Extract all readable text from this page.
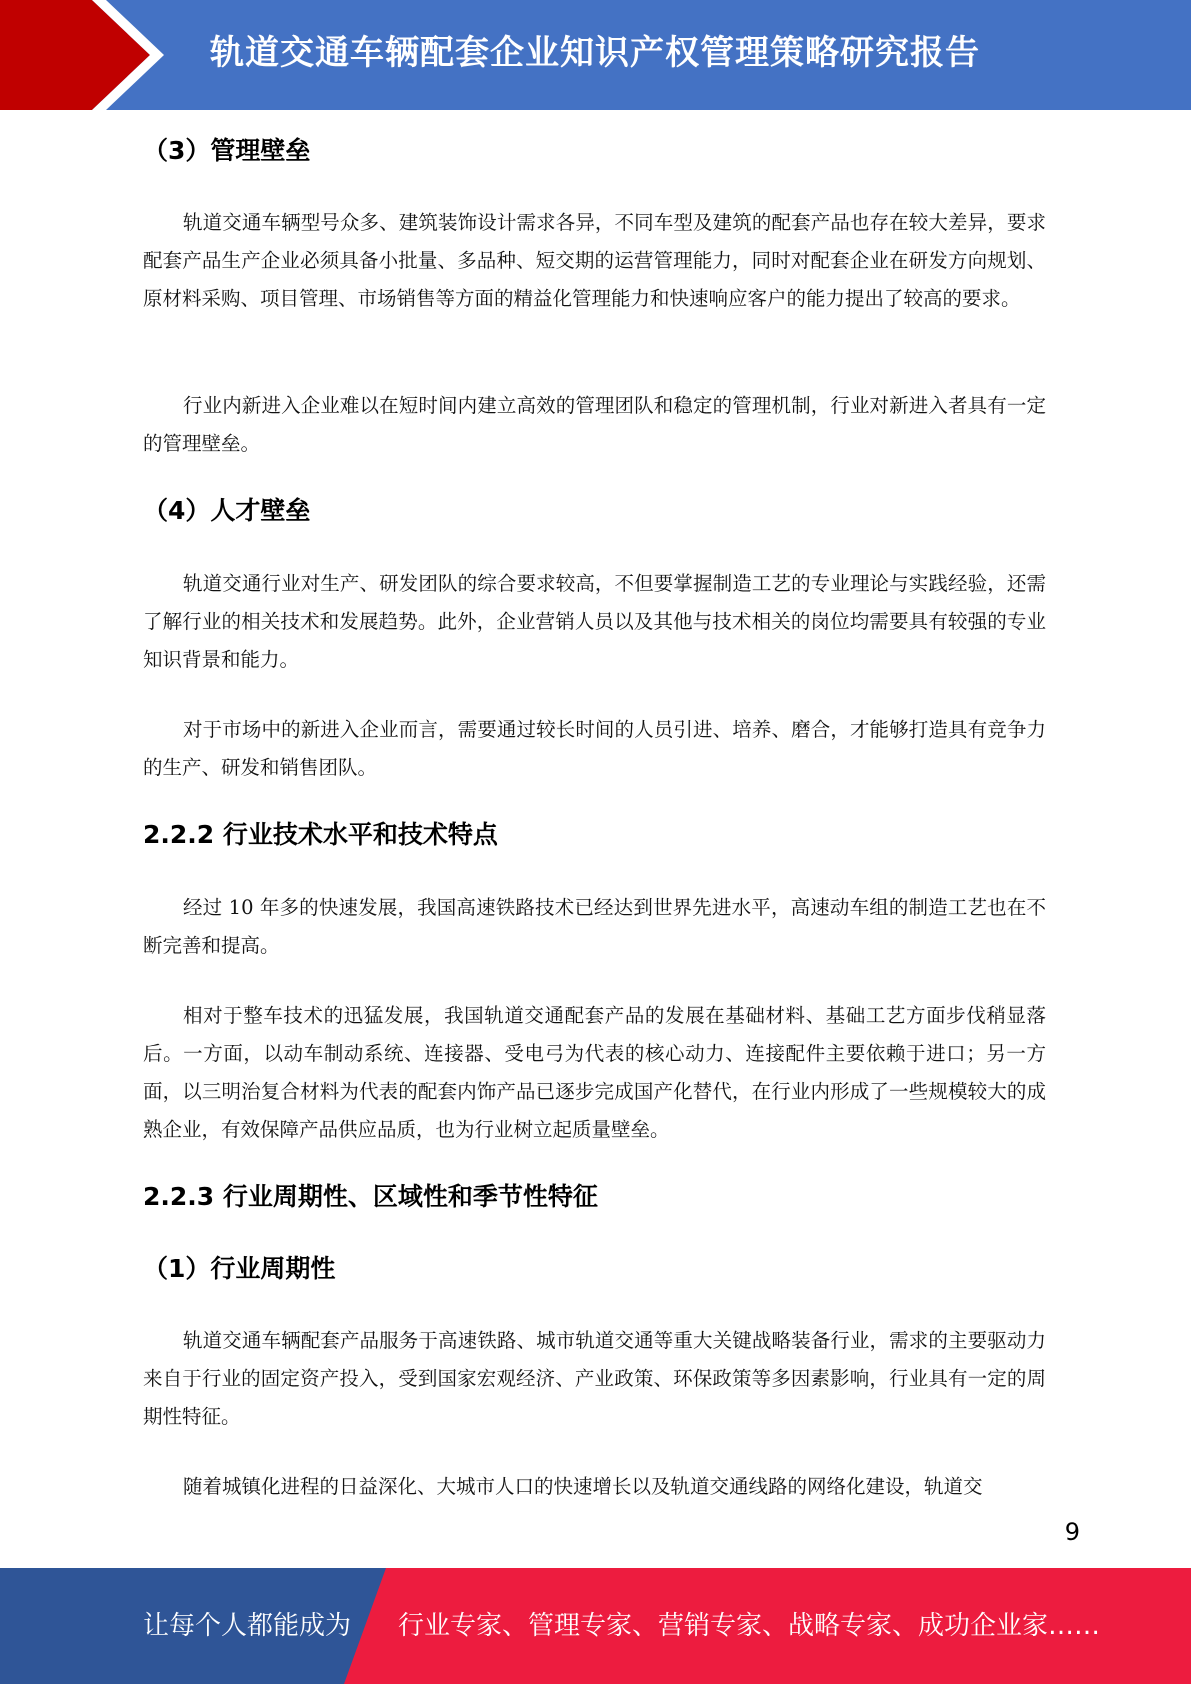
轨道交通车辆配套企业知识产权管理策略研究报告
（3）管理壁垒

轨道交通车辆型号众多、建筑装饰设计需求各异，不同车型及建筑的配套产品也存在较大差异，要求配套产品生产企业必须具备小批量、多品种、短交期的运营管理能力，同时对配套企业在研发方向规划、原材料采购、项目管理、市场销售等方面的精益化管理能力和快速响应客户的能力提出了较高的要求。

行业内新进入企业难以在短时间内建立高效的管理团队和稳定的管理机制，行业对新进入者具有一定的管理壁垒。

（4）人才壁垒

轨道交通行业对生产、研发团队的综合要求较高，不但要掌握制造工艺的专业理论与实践经验，还需了解行业的相关技术和发展趋势。此外，企业营销人员以及其他与技术相关的岗位均需要具有较强的专业知识背景和能力。

对于市场中的新进入企业而言，需要通过较长时间的人员引进、培养、磨合，才能够打造具有竞争力的生产、研发和销售团队。

2.2.2 行业技术水平和技术特点

经过 10 年多的快速发展，我国高速铁路技术已经达到世界先进水平，高速动车组的制造工艺也在不断完善和提高。

相对于整车技术的迅猛发展，我国轨道交通配套产品的发展在基础材料、基础工艺方面步伐稍显落后。一方面，以动车制动系统、连接器、受电弓为代表的核心动力、连接配件主要依赖于进口；另一方面，以三明治复合材料为代表的配套内饰产品已逐步完成国产化替代，在行业内形成了一些规模较大的成熟企业，有效保障产品供应品质，也为行业树立起质量壁垒。

2.2.3 行业周期性、区域性和季节性特征
（1）行业周期性

轨道交通车辆配套产品服务于高速铁路、城市轨道交通等重大关键战略装备行业，需求的主要驱动力来自于行业的固定资产投入，受到国家宏观经济、产业政策、环保政策等多因素影响，行业具有一定的周期性特征。

随着城镇化进程的日益深化、大城市人口的快速增长以及轨道交通线路的网络化建设，轨道交

9
让每个人都能成为 行业专家、管理专家、营销专家、战略专家、成功企业家……
